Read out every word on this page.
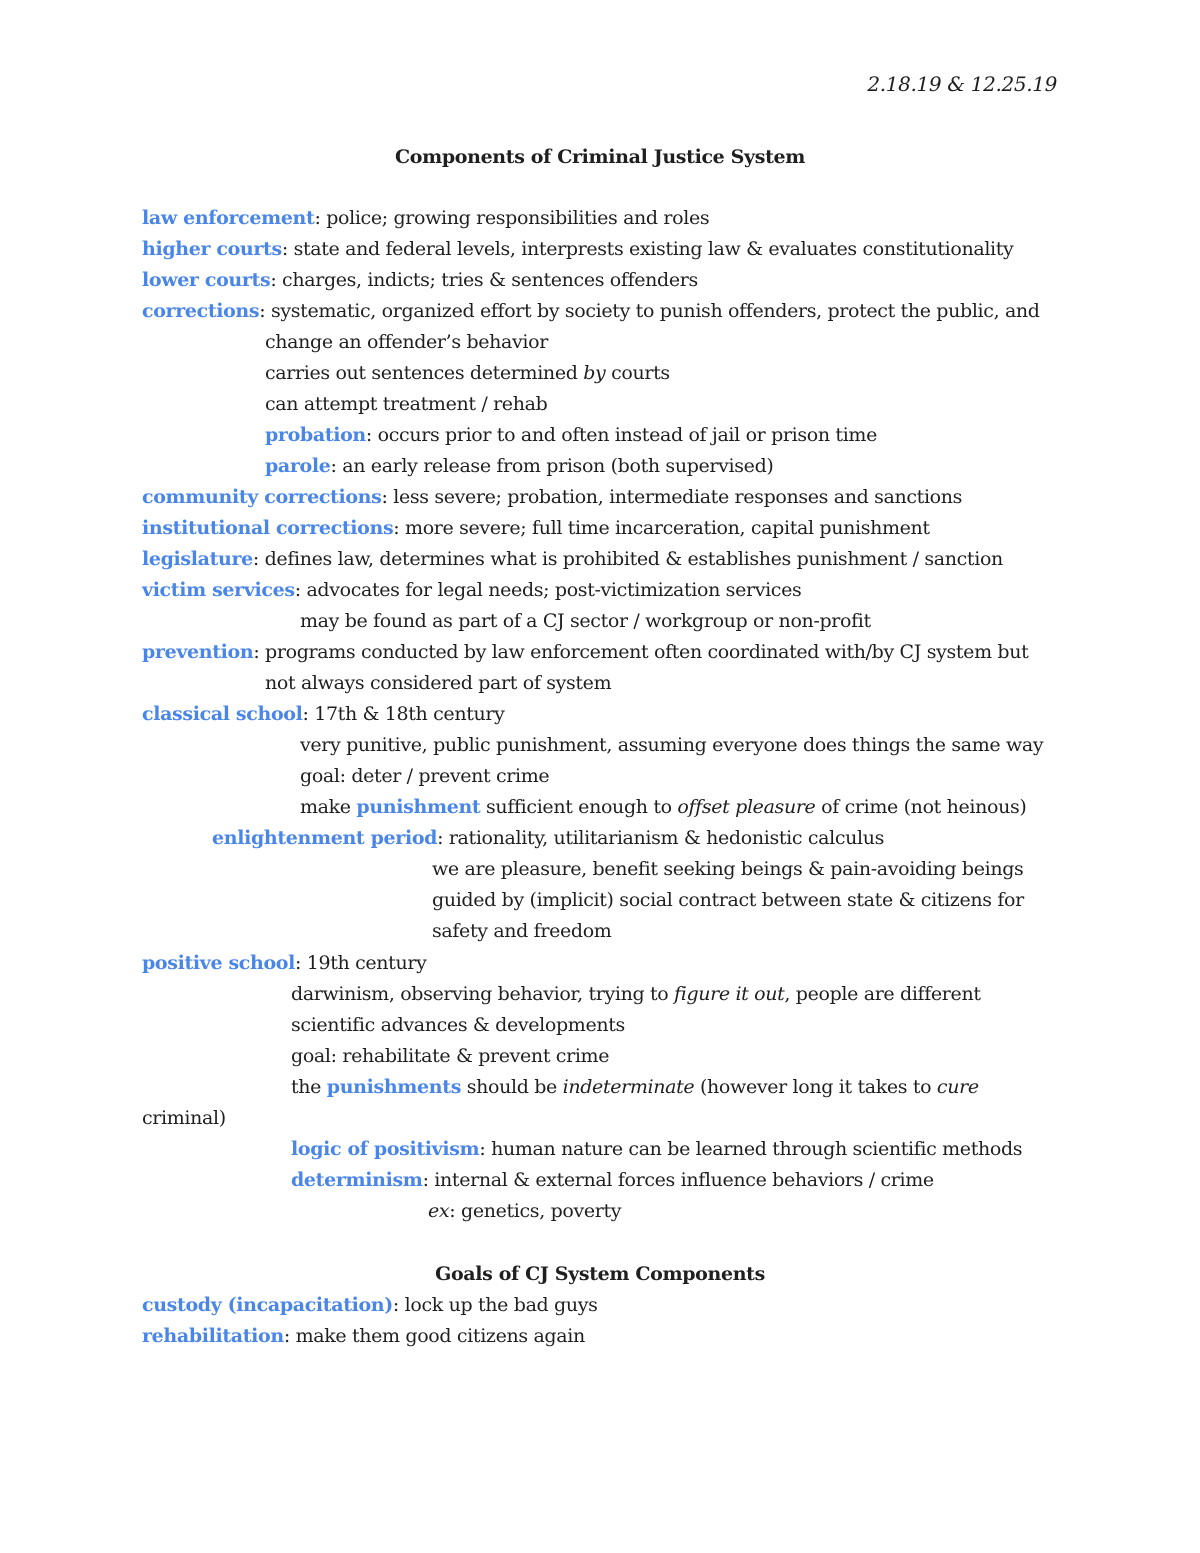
2.18.19 & 12.25.19
Components of Criminal Justice System
law enforcement: police; growing responsibilities and roles
higher courts: state and federal levels, interprests existing law & evaluates constitutionality
lower courts: charges, indicts; tries & sentences offenders
corrections: systematic, organized effort by society to punish offenders, protect the public, and
change an offender’s behavior
carries out sentences determined by courts
can attempt treatment / rehab
probation: occurs prior to and often instead of jail or prison time
parole: an early release from prison (both supervised)
community corrections: less severe; probation, intermediate responses and sanctions
institutional corrections: more severe; full time incarceration, capital punishment
legislature: defines law, determines what is prohibited & establishes punishment / sanction
victim services: advocates for legal needs; post-victimization services
may be found as part of a CJ sector / workgroup or non-profit
prevention: programs conducted by law enforcement often coordinated with/by CJ system but
not always considered part of system
classical school: 17th & 18th century
very punitive, public punishment, assuming everyone does things the same way
goal: deter / prevent crime
make punishment sufficient enough to offset pleasure of crime (not heinous)
enlightenment period: rationality, utilitarianism & hedonistic calculus
we are pleasure, benefit seeking beings & pain-avoiding beings
guided by (implicit) social contract between state & citizens for
safety and freedom
positive school: 19th century
darwinism, observing behavior, trying to figure it out, people are different
scientific advances & developments
goal: rehabilitate & prevent crime
the punishments should be indeterminate (however long it takes to cure
criminal)
logic of positivism: human nature can be learned through scientific methods
determinism: internal & external forces influence behaviors / crime
ex: genetics, poverty
Goals of CJ System Components
custody (incapacitation): lock up the bad guys
rehabilitation: make them good citizens again
